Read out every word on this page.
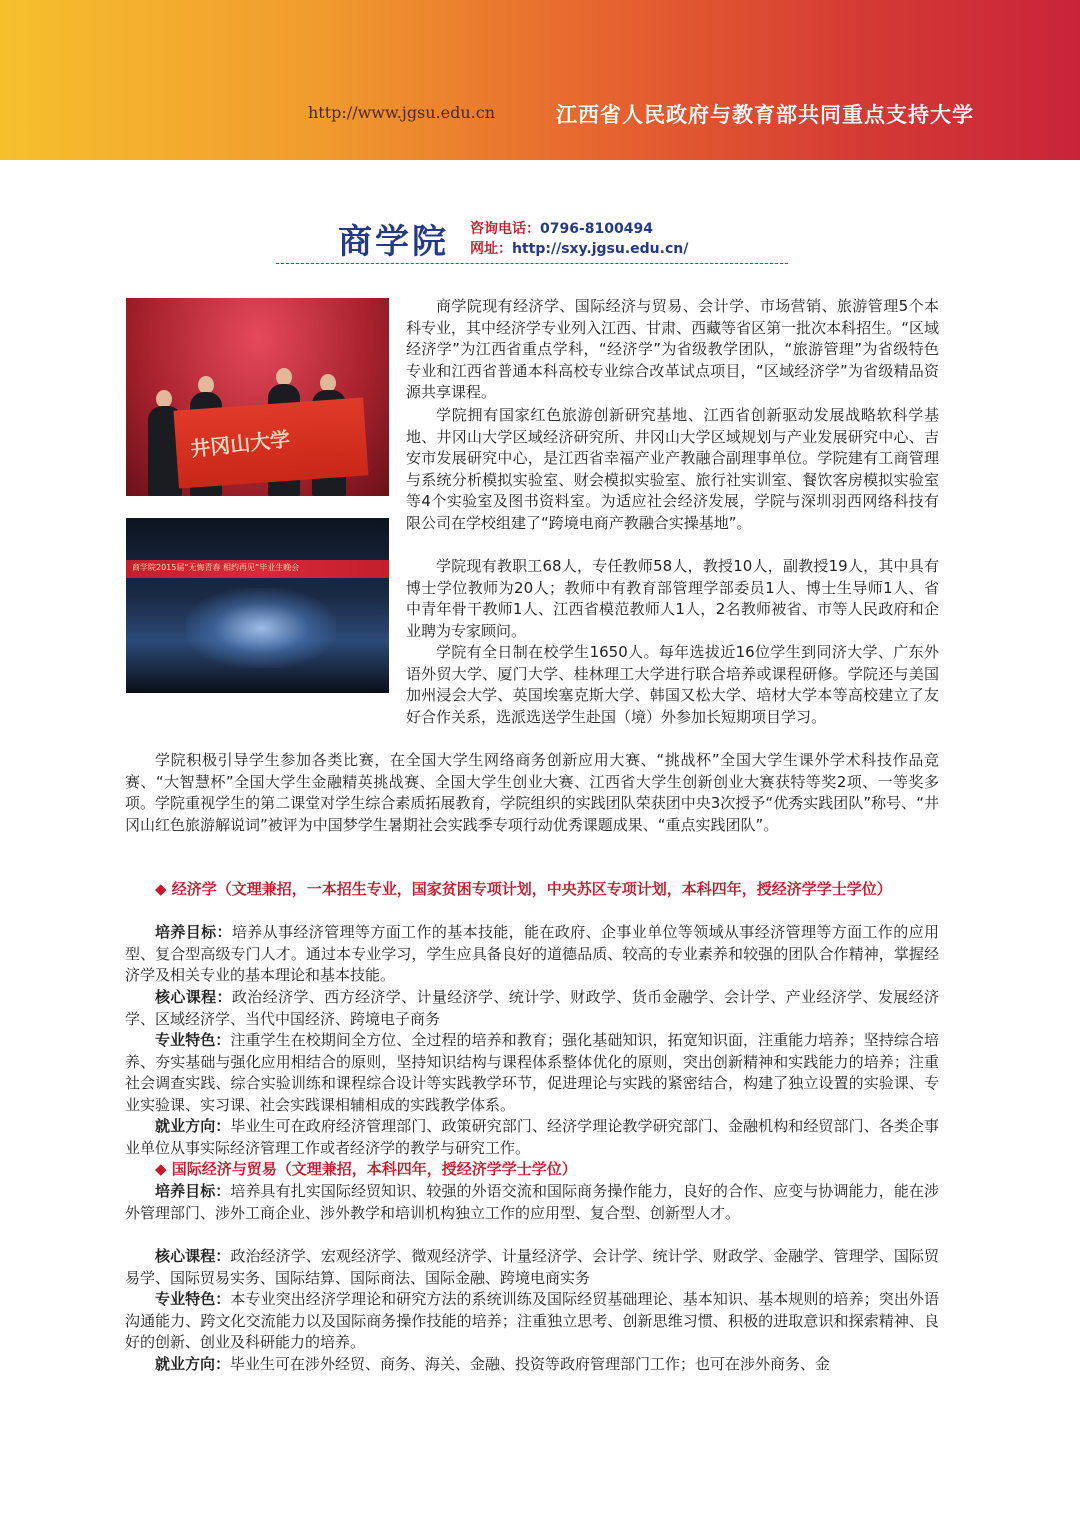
http://www.jgsu.edu.cn	江西省人民政府与教育部共同重点支持大学
商学院 咨询电话：0796-8100494
网址：http://sxy.jgsu.edu.cn/
井冈山大学
商学院2015届“无悔青春 相约再见”毕业生晚会

商学院现有经济学、国际经济与贸易、会计学、市场营销、旅游管理5个本科专业，其中经济学专业列入江西、甘肃、西藏等省区第一批次本科招生。“区域经济学”为江西省重点学科，“经济学”为省级教学团队，“旅游管理”为省级特色专业和江西省普通本科高校专业综合改革试点项目，“区域经济学”为省级精品资源共享课程。

学院拥有国家红色旅游创新研究基地、江西省创新驱动发展战略软科学基地、井冈山大学区域经济研究所、井冈山大学区域规划与产业发展研究中心、吉安市发展研究中心，是江西省幸福产业产教融合副理事单位。学院建有工商管理与系统分析模拟实验室、财会模拟实验室、旅行社实训室、餐饮客房模拟实验室等4个实验室及图书资料室。为适应社会经济发展，学院与深圳羽西网络科技有限公司在学校组建了“跨境电商产教融合实操基地”。

学院现有教职工68人，专任教师58人，教授10人，副教授19人，其中具有博士学位教师为20人；教师中有教育部管理学部委员1人、博士生导师1人、省中青年骨干教师1人、江西省模范教师人1人，2名教师被省、市等人民政府和企业聘为专家顾问。

学院有全日制在校学生1650人。每年选拔近16位学生到同济大学、广东外语外贸大学、厦门大学、桂林理工大学进行联合培养或课程研修。学院还与美国加州浸会大学、英国埃塞克斯大学、韩国又松大学、培材大学本等高校建立了友好合作关系，选派选送学生赴国（境）外参加长短期项目学习。

学院积极引导学生参加各类比赛，在全国大学生网络商务创新应用大赛、“挑战杯”全国大学生课外学术科技作品竞赛、“大智慧杯”全国大学生金融精英挑战赛、全国大学生创业大赛、江西省大学生创新创业大赛获特等奖2项、一等奖多项。学院重视学生的第二课堂对学生综合素质拓展教育，学院组织的实践团队荣获团中央3次授予“优秀实践团队”称号、“井冈山红色旅游解说词”被评为中国梦学生暑期社会实践季专项行动优秀课题成果、“重点实践团队”。

◆ 经济学（文理兼招，一本招生专业，国家贫困专项计划，中央苏区专项计划，本科四年，授经济学学士学位）

培养目标：培养从事经济管理等方面工作的基本技能，能在政府、企事业单位等领域从事经济管理等方面工作的应用型、复合型高级专门人才。通过本专业学习，学生应具备良好的道德品质、较高的专业素养和较强的团队合作精神，掌握经济学及相关专业的基本理论和基本技能。

核心课程：政治经济学、西方经济学、计量经济学、统计学、财政学、货币金融学、会计学、产业经济学、发展经济学、区域经济学、当代中国经济、跨境电子商务

专业特色：注重学生在校期间全方位、全过程的培养和教育；强化基础知识，拓宽知识面，注重能力培养；坚持综合培养、夯实基础与强化应用相结合的原则，坚持知识结构与课程体系整体优化的原则，突出创新精神和实践能力的培养；注重社会调查实践、综合实验训练和课程综合设计等实践教学环节，促进理论与实践的紧密结合，构建了独立设置的实验课、专业实验课、实习课、社会实践课相辅相成的实践教学体系。

就业方向：毕业生可在政府经济管理部门、政策研究部门、经济学理论教学研究部门、金融机构和经贸部门、各类企事业单位从事实际经济管理工作或者经济学的教学与研究工作。

◆ 国际经济与贸易（文理兼招，本科四年，授经济学学士学位）

培养目标：培养具有扎实国际经贸知识、较强的外语交流和国际商务操作能力，良好的合作、应变与协调能力，能在涉外管理部门、涉外工商企业、涉外教学和培训机构独立工作的应用型、复合型、创新型人才。

核心课程：政治经济学、宏观经济学、微观经济学、计量经济学、会计学、统计学、财政学、金融学、管理学、国际贸易学、国际贸易实务、国际结算、国际商法、国际金融、跨境电商实务

专业特色：本专业突出经济学理论和研究方法的系统训练及国际经贸基础理论、基本知识、基本规则的培养；突出外语沟通能力、跨文化交流能力以及国际商务操作技能的培养；注重独立思考、创新思维习惯、积极的进取意识和探索精神、良好的创新、创业及科研能力的培养。

就业方向：毕业生可在涉外经贸、商务、海关、金融、投资等政府管理部门工作；也可在涉外商务、金
